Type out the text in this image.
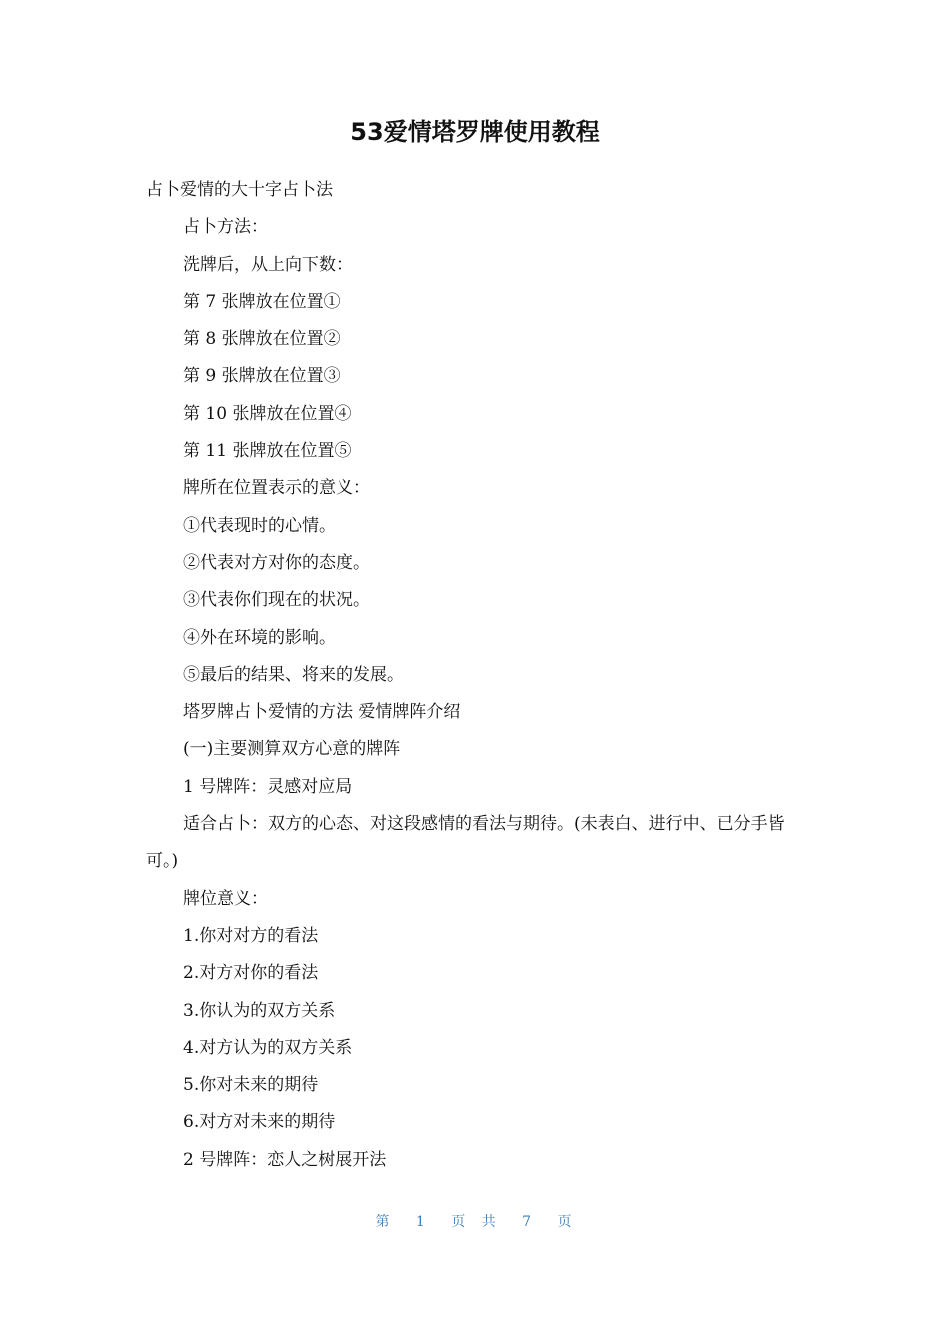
53爱情塔罗牌使用教程

占卜爱情的大十字占卜法

占卜方法：

洗牌后，从上向下数：

第 7 张牌放在位置①

第 8 张牌放在位置②

第 9 张牌放在位置③

第 10 张牌放在位置④

第 11 张牌放在位置⑤

牌所在位置表示的意义：

①代表现时的心情。

②代表对方对你的态度。

③代表你们现在的状况。

④外在环境的影响。

⑤最后的结果、将来的发展。

塔罗牌占卜爱情的方法 爱情牌阵介绍

(一)主要测算双方心意的牌阵

1 号牌阵：灵感对应局

适合占卜：双方的心态、对这段感情的看法与期待。(未表白、进行中、已分手皆可。)

牌位意义：

1.你对对方的看法

2.对方对你的看法

3.你认为的双方关系

4.对方认为的双方关系

5.你对未来的期待

6.对方对未来的期待

2 号牌阵：恋人之树展开法

第 1 页 共 7 页
